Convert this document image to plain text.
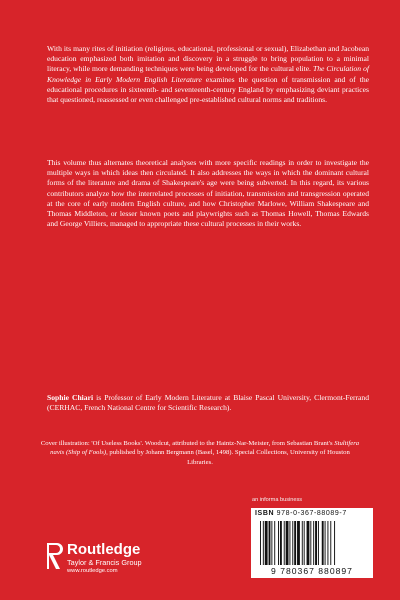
With its many rites of initiation (religious, educational, professional or sexual), Elizabethan and Jacobean education emphasized both imitation and discovery in a struggle to bring population to a minimal literacy, while more demanding techniques were being developed for the cultural elite. The Circulation of Knowledge in Early Modern English Literature examines the question of transmission and of the educational procedures in sixteenth- and seventeenth-century England by emphasizing deviant practices that questioned, reassessed or even challenged pre-established cultural norms and traditions.

This volume thus alternates theoretical analyses with more specific readings in order to investigate the multiple ways in which ideas then circulated. It also addresses the ways in which the dominant cultural forms of the literature and drama of Shakespeare's age were being subverted. In this regard, its various contributors analyze how the interrelated processes of initiation, transmission and transgression operated at the core of early modern English culture, and how Christopher Marlowe, William Shakespeare and Thomas Middleton, or lesser known poets and playwrights such as Thomas Howell, Thomas Edwards and George Villiers, managed to appropriate these cultural processes in their works.

Sophie Chiari is Professor of Early Modern Literature at Blaise Pascal University, Clermont-Ferrand (CERHAC, French National Centre for Scientific Research).

Cover illustration: 'Of Useless Books'. Woodcut, attributed to the Haintz-Nar-Meister, from Sebastian Brant's Stultifera navis (Ship of Fools), published by Johann Bergmann (Basel, 1498). Special Collections, University of Houston Libraries.

an informa business
ISBN 978-0-367-88089-7
9 780367 880897
Routledge
Taylor & Francis Group
www.routledge.com
